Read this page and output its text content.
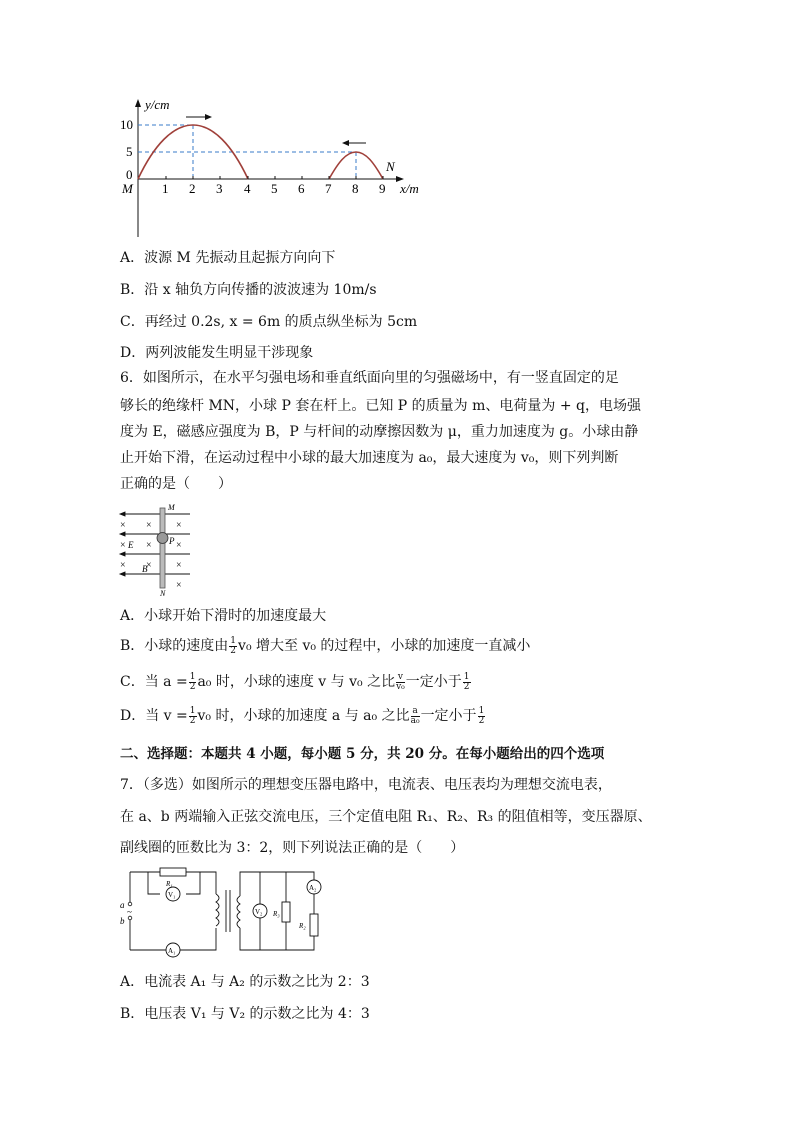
y/cm
10
5
0
M 1 2 3 4 5 6 7 8 9
N
x/m
A．波源 M 先振动且起振方向向下
B．沿 x 轴负方向传播的波波速为 10m/s
C．再经过 0.2s, x = 6m 的质点纵坐标为 5cm
D．两列波能发生明显干涉现象
6．如图所示，在水平匀强电场和垂直纸面向里的匀强磁场中，有一竖直固定的足
够长的绝缘杆 MN，小球 P 套在杆上。已知 P 的质量为 m、电荷量为 + q，电场强
度为 E，磁感应强度为 B，P 与杆间的动摩擦因数为 μ，重力加速度为 g。小球由静
止开始下滑，在运动过程中小球的最大加速度为 a₀，最大速度为 v₀，则下列判断
正确的是（　　）
× × ×
× ×
×
× × ×
×
M
E	P
B
N
A．小球开始下滑时的加速度最大
B．小球的速度由 $\frac{1}{2} v_0$ 增大至 v₀ 的过程中，小球的加速度一直减小
C．当 $a = \frac{1}{2} a_0$ 时，小球的速度 v 与 v₀ 之比 $\frac{v}{\text{v₀}}$ 一定小于 $\frac{1}{2}$
D．当 $v = \frac{1}{2} v_0$ 时，小球的加速度 a 与 a₀ 之比 $\frac{a}{\text{a₀}}$ 一定小于 $\frac{1}{2}$
二、选择题：本题共 4 小题，每小题 5 分，共 20 分。在每小题给出的四个选项
7．（多选）如图所示的理想变压器电路中，电流表、电压表均为理想交流电表，
在 a、b 两端输入正弦交流电压，三个定值电阻 R₁、R₂、R₃ 的阻值相等，变压器原、
副线圈的匝数比为 3：2，则下列说法正确的是（　　）
a
~
b
R₁
V₁
A₁
V₂ R₃
A₂
R₂
A．电流表 A₁ 与 A₂ 的示数之比为 2：3
B．电压表 V₁ 与 V₂ 的示数之比为 4：3
